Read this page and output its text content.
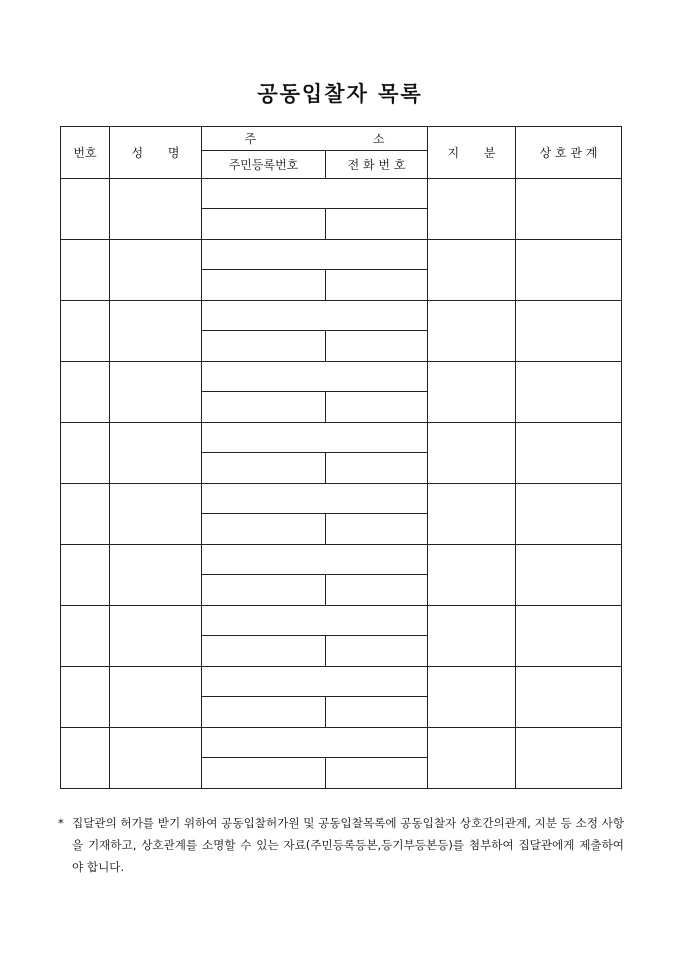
공동입찰자 목록
번호	성 명	주 소		지 분	상 호 관 계
		주민등록번호	전 화 번 호		

* 집달관의 허가를 받기 위하여 공동입찰허가원 및 공동입찰목록에 공동입찰자 상호간의관계, 지분 등 소정 사항을 기재하고, 상호관계를 소명할 수 있는 자료(주민등록등본,등기부등본등)를 첨부하여 집달관에게 제출하여야 합니다.
